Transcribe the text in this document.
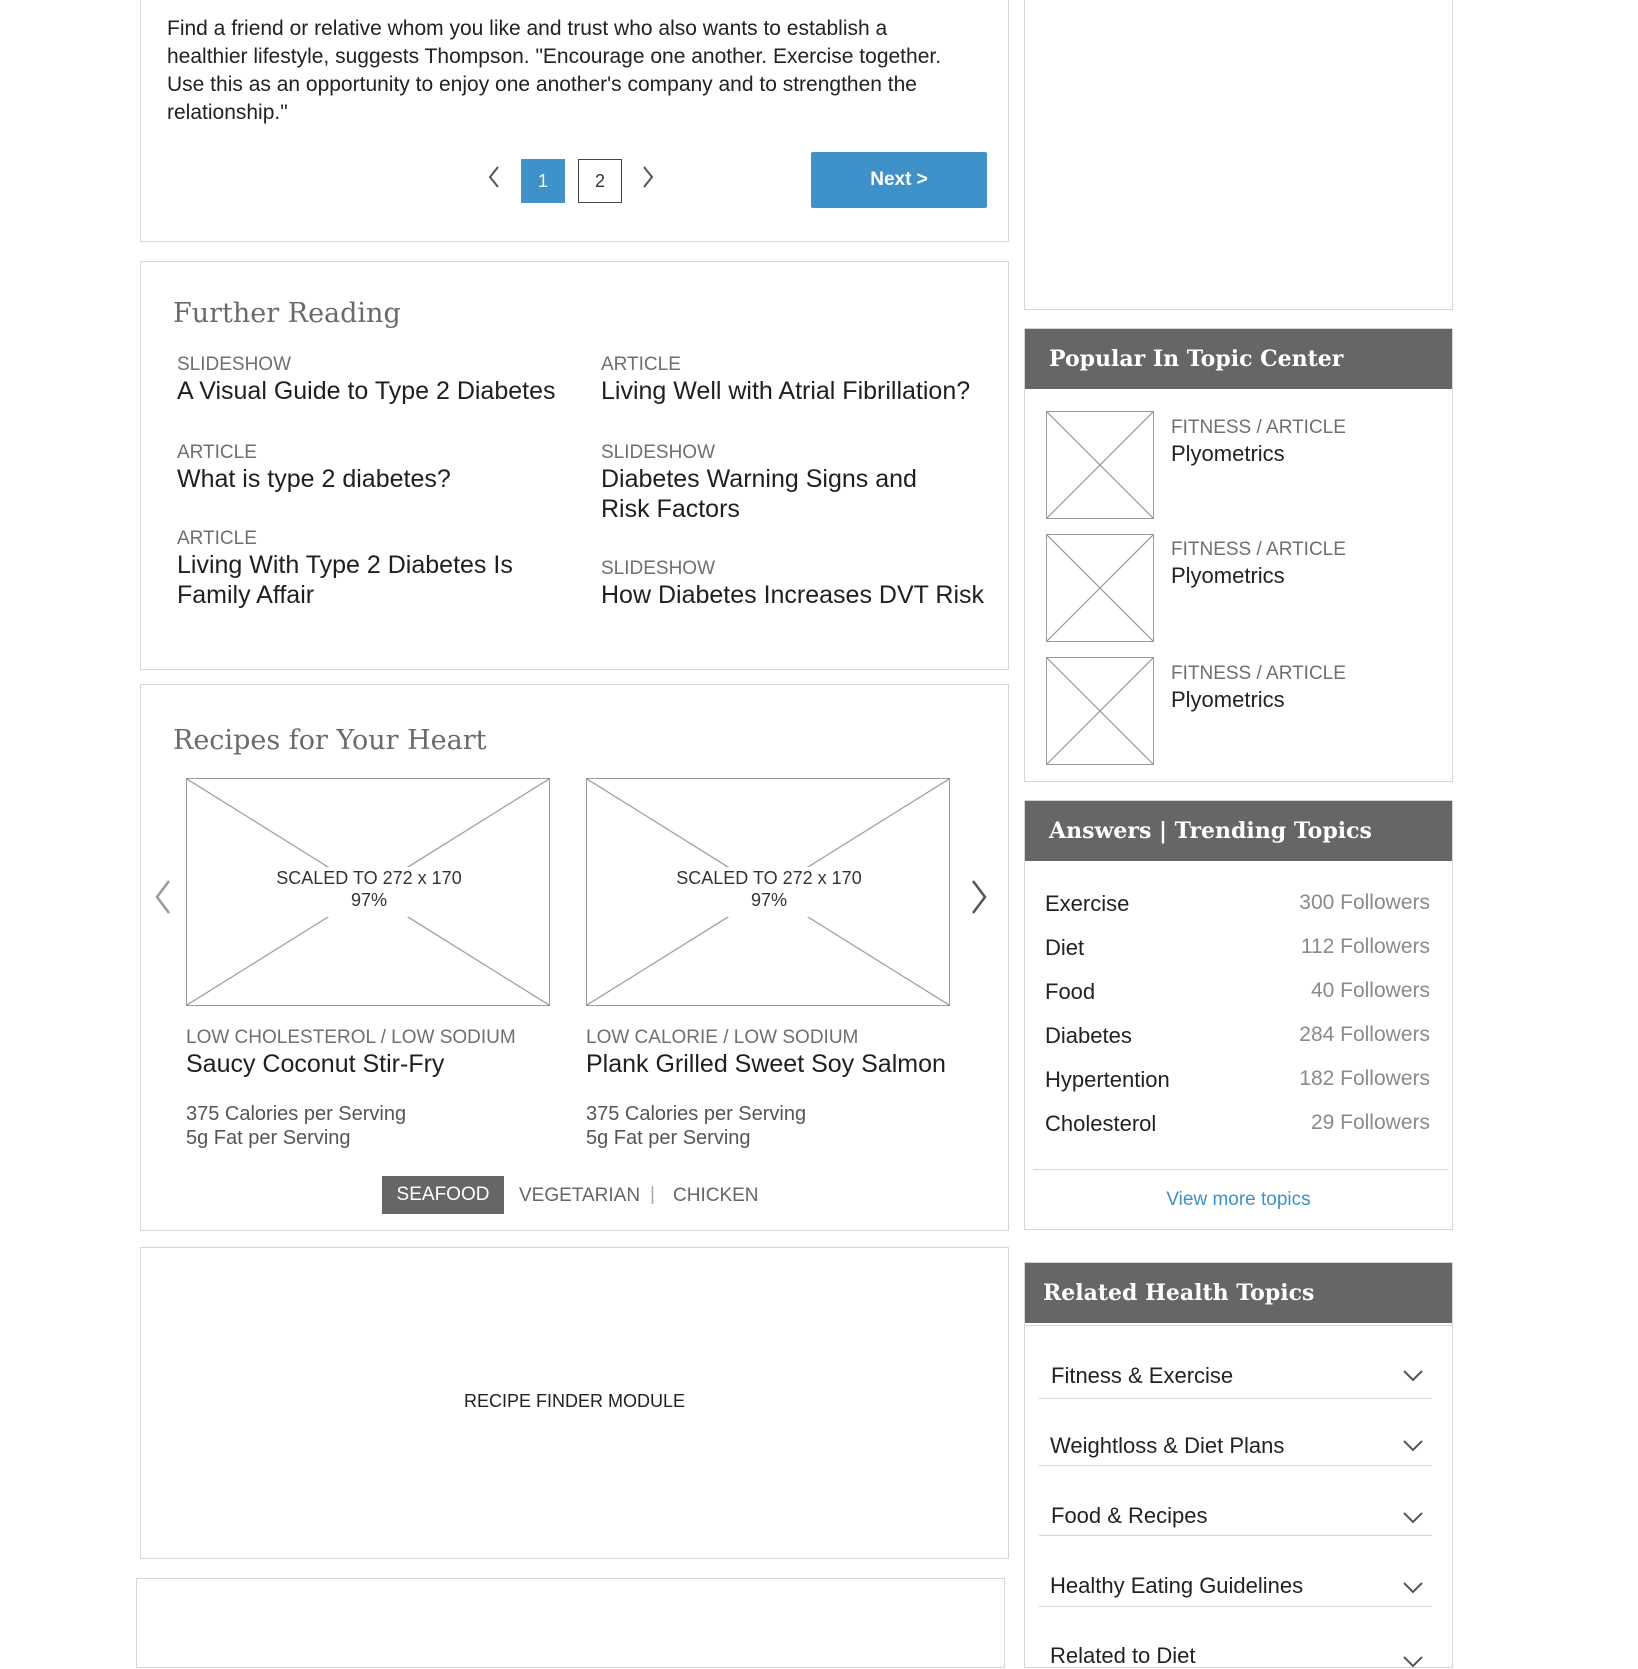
Find a friend or relative whom you like and trust who also wants to establish a healthier lifestyle, suggests Thompson. "Encourage one another. Exercise together. Use this as an opportunity to enjoy one another's company and to strengthen the relationship."

1	2	Next >
Further Reading
SLIDESHOW
A Visual Guide to Type 2 Diabetes
ARTICLE
Living Well with Atrial Fibrillation?
ARTICLE
What is type 2 diabetes?
SLIDESHOW
Diabetes Warning Signs and Risk Factors
ARTICLE
Living With Type 2 Diabetes Is Family Affair
SLIDESHOW
How Diabetes Increases DVT Risk
Recipes for Your Heart
SCALED TO 272 x 170
97%
LOW CHOLESTEROL / LOW SODIUM
Saucy Coconut Stir-Fry
375 Calories per Serving
5g Fat per Serving
SCALED TO 272 x 170
97%
LOW CALORIE / LOW SODIUM
Plank Grilled Sweet Soy Salmon
375 Calories per Serving
5g Fat per Serving
SEAFOOD	VEGETARIAN | CHICKEN
RECIPE FINDER MODULE
Popular In Topic Center
FITNESS / ARTICLE
Plyometrics
FITNESS / ARTICLE
Plyometrics
FITNESS / ARTICLE
Plyometrics
Answers | Trending Topics
Exercise	300 Followers
Diet	112 Followers
Food	40 Followers
Diabetes	284 Followers
Hypertention	182 Followers
Cholesterol	29 Followers
View more topics
Related Health Topics
Fitness & Exercise
Weightloss & Diet Plans
Food & Recipes
Healthy Eating Guidelines
Related to Diet
